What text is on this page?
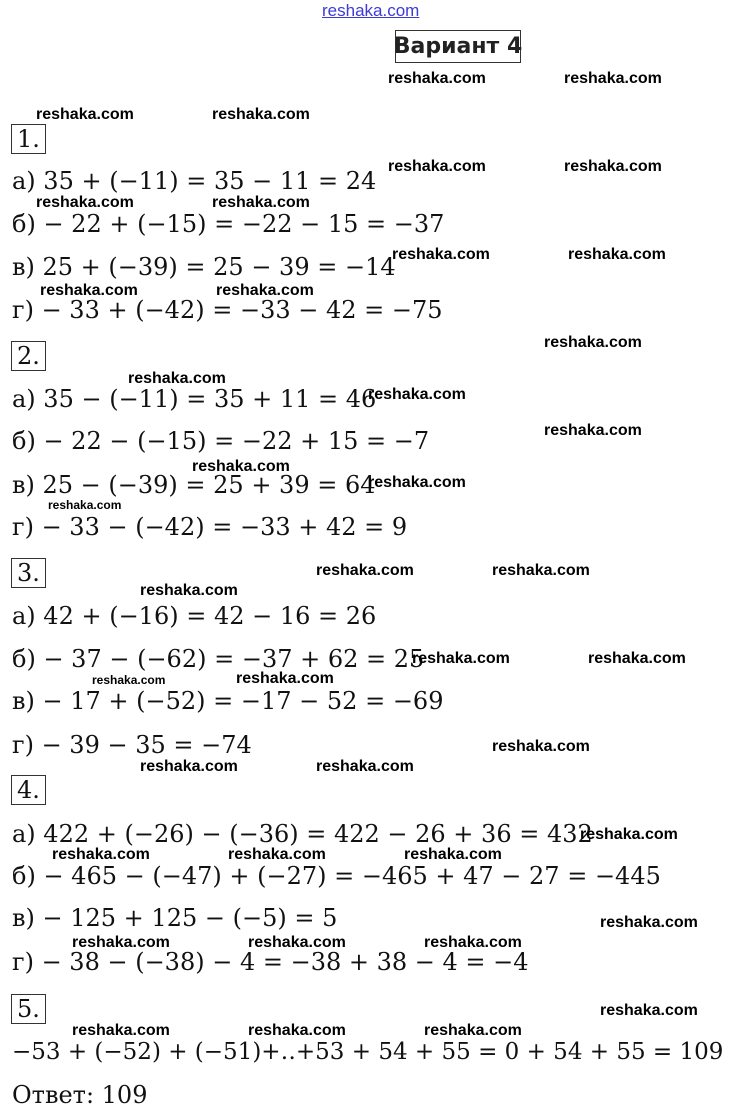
reshaka.com
Вариант 4
1.
а) 35 + (−11) = 35 − 11 = 24
б) − 22 + (−15) = −22 − 15 = −37
в) 25 + (−39) = 25 − 39 = −14
г) − 33 + (−42) = −33 − 42 = −75
2.
а) 35 − (−11) = 35 + 11 = 46
б) − 22 − (−15) = −22 + 15 = −7
в) 25 − (−39) = 25 + 39 = 64
г) − 33 − (−42) = −33 + 42 = 9
3.
а) 42 + (−16) = 42 − 16 = 26
б) − 37 − (−62) = −37 + 62 = 25
в) − 17 + (−52) = −17 − 52 = −69
г) − 39 − 35 = −74
4.
а) 422 + (−26) − (−36) = 422 − 26 + 36 = 432
б) − 465 − (−47) + (−27) = −465 + 47 − 27 = −445
в) − 125 + 125 − (−5) = 5
г) − 38 − (−38) − 4 = −38 + 38 − 4 = −4
5.
−53 + (−52) + (−51)+‥+53 + 54 + 55 = 0 + 54 + 55 = 109
Ответ: 109
reshaka.com	reshaka.com
reshaka.com	reshaka.com
reshaka.com	reshaka.com
reshaka.com	reshaka.com
reshaka.com	reshaka.com
reshaka.com	reshaka.com
reshaka.com
reshaka.com
reshaka.com
reshaka.com
reshaka.com
reshaka.com
reshaka.com
reshaka.com	reshaka.com
reshaka.com
reshaka.com	reshaka.com
reshaka.com	reshaka.com
reshaka.com
reshaka.com	reshaka.com
reshaka.com
reshaka.com	reshaka.com	reshaka.com
reshaka.com
reshaka.com	reshaka.com	reshaka.com
reshaka.com
reshaka.com	reshaka.com	reshaka.com
